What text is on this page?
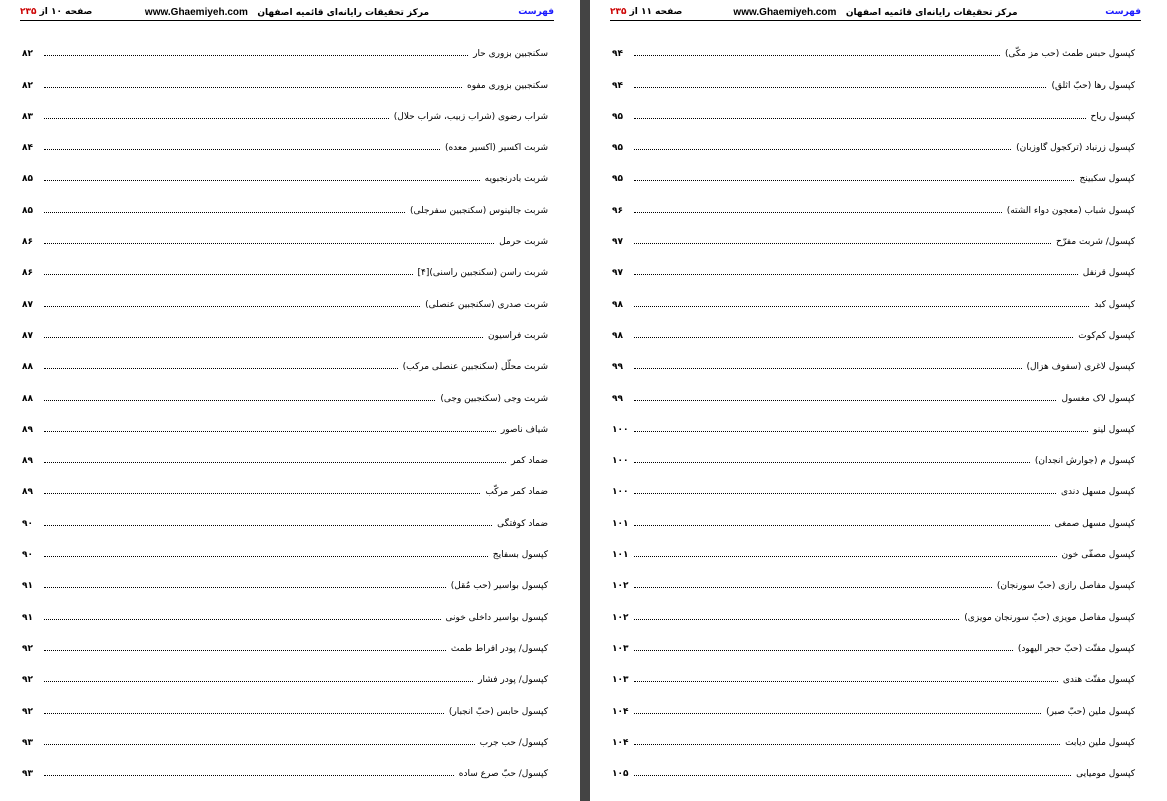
فهرست
مرکز تحقیقات رایانه‌ای قائمیه اصفهان   www.Ghaemiyeh.com
صفحه ۱۰ از ۲۳۵
سکنجبین بزوری حار
۸۲
سکنجبین بزوری مفوه
۸۲
شراب رضوی (شراب زبیب، شراب حلال)
۸۳
شربت اکسیر (اکسیر معده)
۸۴
شربت بادرنجبویه
۸۵
شربت جالینوس (سکنجبین سفرجلی)
۸۵
شربت حرمل
۸۶
شربت راسن (سکنجبین راسنی)[۴]
۸۶
شربت صدری (سکنجبین عنصلی)
۸۷
شربت فراسیون
۸۷
شربت محلّل (سکنجبین عنصلی مرکب)
۸۸
شربت وجی (سکنجبین وجی)
۸۸
شیاف ناصور
۸۹
ضماد کمر
۸۹
ضماد کمر مرکّب
۸۹
ضماد کوفتگی
۹۰
کپسول بسفایج
۹۰
کپسول بواسیر (حب مُقل)
۹۱
کپسول بواسیر داخلی خونی
۹۱
کپسول/ پودر افراط طمث
۹۲
کپسول/ پودر فشار
۹۲
کپسول حابس (حبّ انجبار)
۹۲
کپسول/ حب جرب
۹۳
کپسول/ حبّ صرع ساده
۹۳
فهرست
مرکز تحقیقات رایانه‌ای قائمیه اصفهان   www.Ghaemiyeh.com
صفحه ۱۱ از ۲۳۵
کپسول حبس طمث (حب مز مکّی)
۹۴
کپسول رها (حبّ اثلق)
۹۴
کپسول ریاح
۹۵
کپسول زرنباد (ترکجول گاوزبان)
۹۵
کپسول سکبینج
۹۵
کپسول شباب (معجون دواء الشته)
۹۶
کپسول/ شربت مفرّح
۹۷
کپسول قرنفل
۹۷
کپسول کبد
۹۸
کپسول کم‌کوت
۹۸
کپسول لاغری (سفوف هزال)
۹۹
کپسول لاک مغسول
۹۹
کپسول لینو
۱۰۰
کپسول م (جوارش انجدان)
۱۰۰
کپسول مسهل دندی
۱۰۰
کپسول مسهل صمغی
۱۰۱
کپسول مصفّی خون
۱۰۱
کپسول مفاصل رازی (حبّ سورنجان)
۱۰۲
کپسول مفاصل مویزی (حبّ سورنجان مویزی)
۱۰۲
کپسول مفتّت (حبّ حجر الیهود)
۱۰۳
کپسول مفتّت هندی
۱۰۳
کپسول ملین (حبّ صبر)
۱۰۴
کپسول ملین دیابت
۱۰۴
کپسول مومیایی
۱۰۵
